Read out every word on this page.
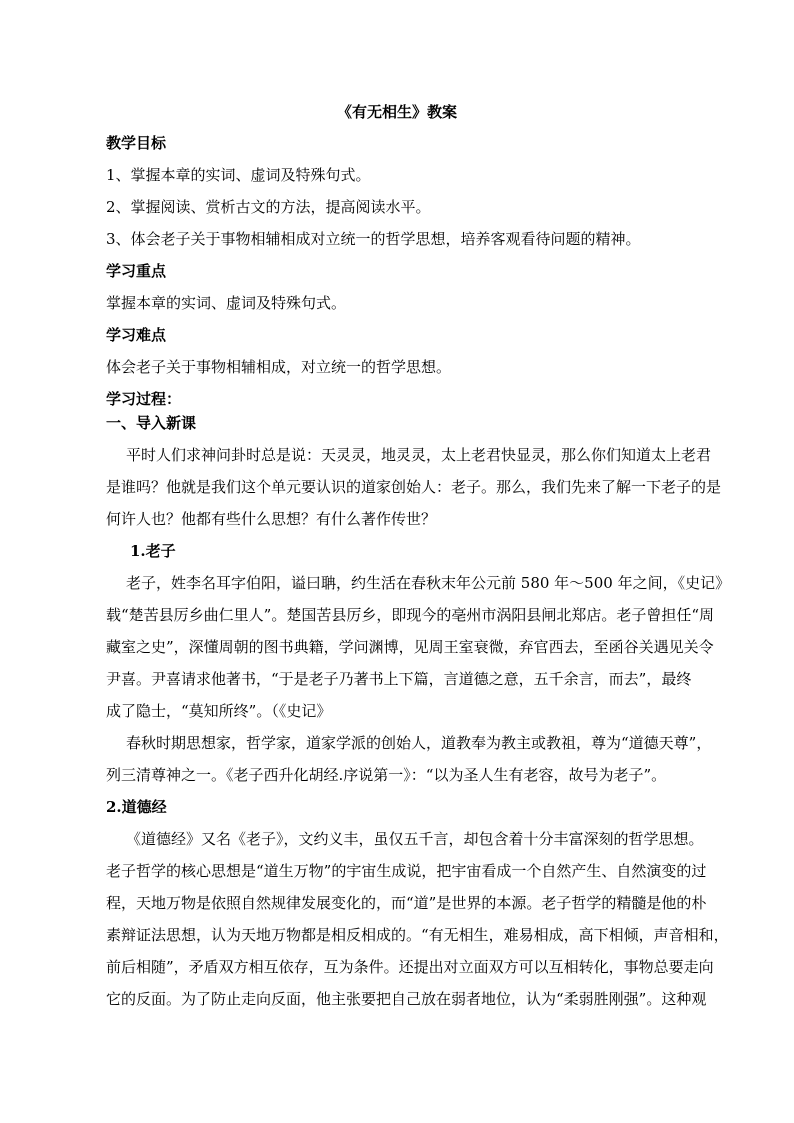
《有无相生》教案
教学目标
1、掌握本章的实词、虚词及特殊句式。
2、掌握阅读、赏析古文的方法，提高阅读水平。
3、体会老子关于事物相辅相成对立统一的哲学思想，培养客观看待问题的精神。
学习重点
掌握本章的实词、虚词及特殊句式。
学习难点
体会老子关于事物相辅相成，对立统一的哲学思想。
学习过程：
一、导入新课
平时人们求神问卦时总是说：天灵灵，地灵灵，太上老君快显灵，那么你们知道太上老君
是谁吗？他就是我们这个单元要认识的道家创始人：老子。那么，我们先来了解一下老子的是
何许人也？他都有些什么思想？有什么著作传世？
1.老子
老子，姓李名耳字伯阳，谥曰聃，约生活在春秋末年公元前 580 年～500 年之间，《史记》
载“楚苦县厉乡曲仁里人”。楚国苦县厉乡，即现今的亳州市涡阳县闸北郑店。老子曾担任“周
藏室之史”，深懂周朝的图书典籍，学问渊博，见周王室衰微，弃官西去，至函谷关遇见关令
尹喜。尹喜请求他著书，“于是老子乃著书上下篇，言道德之意，五千余言，而去”，最终
成了隐士，“莫知所终”。（《史记》
春秋时期思想家，哲学家，道家学派的创始人，道教奉为教主或教祖，尊为“道德天尊”，
列三清尊神之一。《老子西升化胡经.序说第一》：“以为圣人生有老容，故号为老子”。
2.道德经
《道德经》又名《老子》，文约义丰，虽仅五千言，却包含着十分丰富深刻的哲学思想。
老子哲学的核心思想是“道生万物”的宇宙生成说，把宇宙看成一个自然产生、自然演变的过
程，天地万物是依照自然规律发展变化的，而“道”是世界的本源。老子哲学的精髓是他的朴
素辩证法思想，认为天地万物都是相反相成的。“有无相生，难易相成，高下相倾，声音相和，
前后相随”，矛盾双方相互依存，互为条件。还提出对立面双方可以互相转化，事物总要走向
它的反面。为了防止走向反面，他主张要把自己放在弱者地位，认为“柔弱胜刚强”。这种观
